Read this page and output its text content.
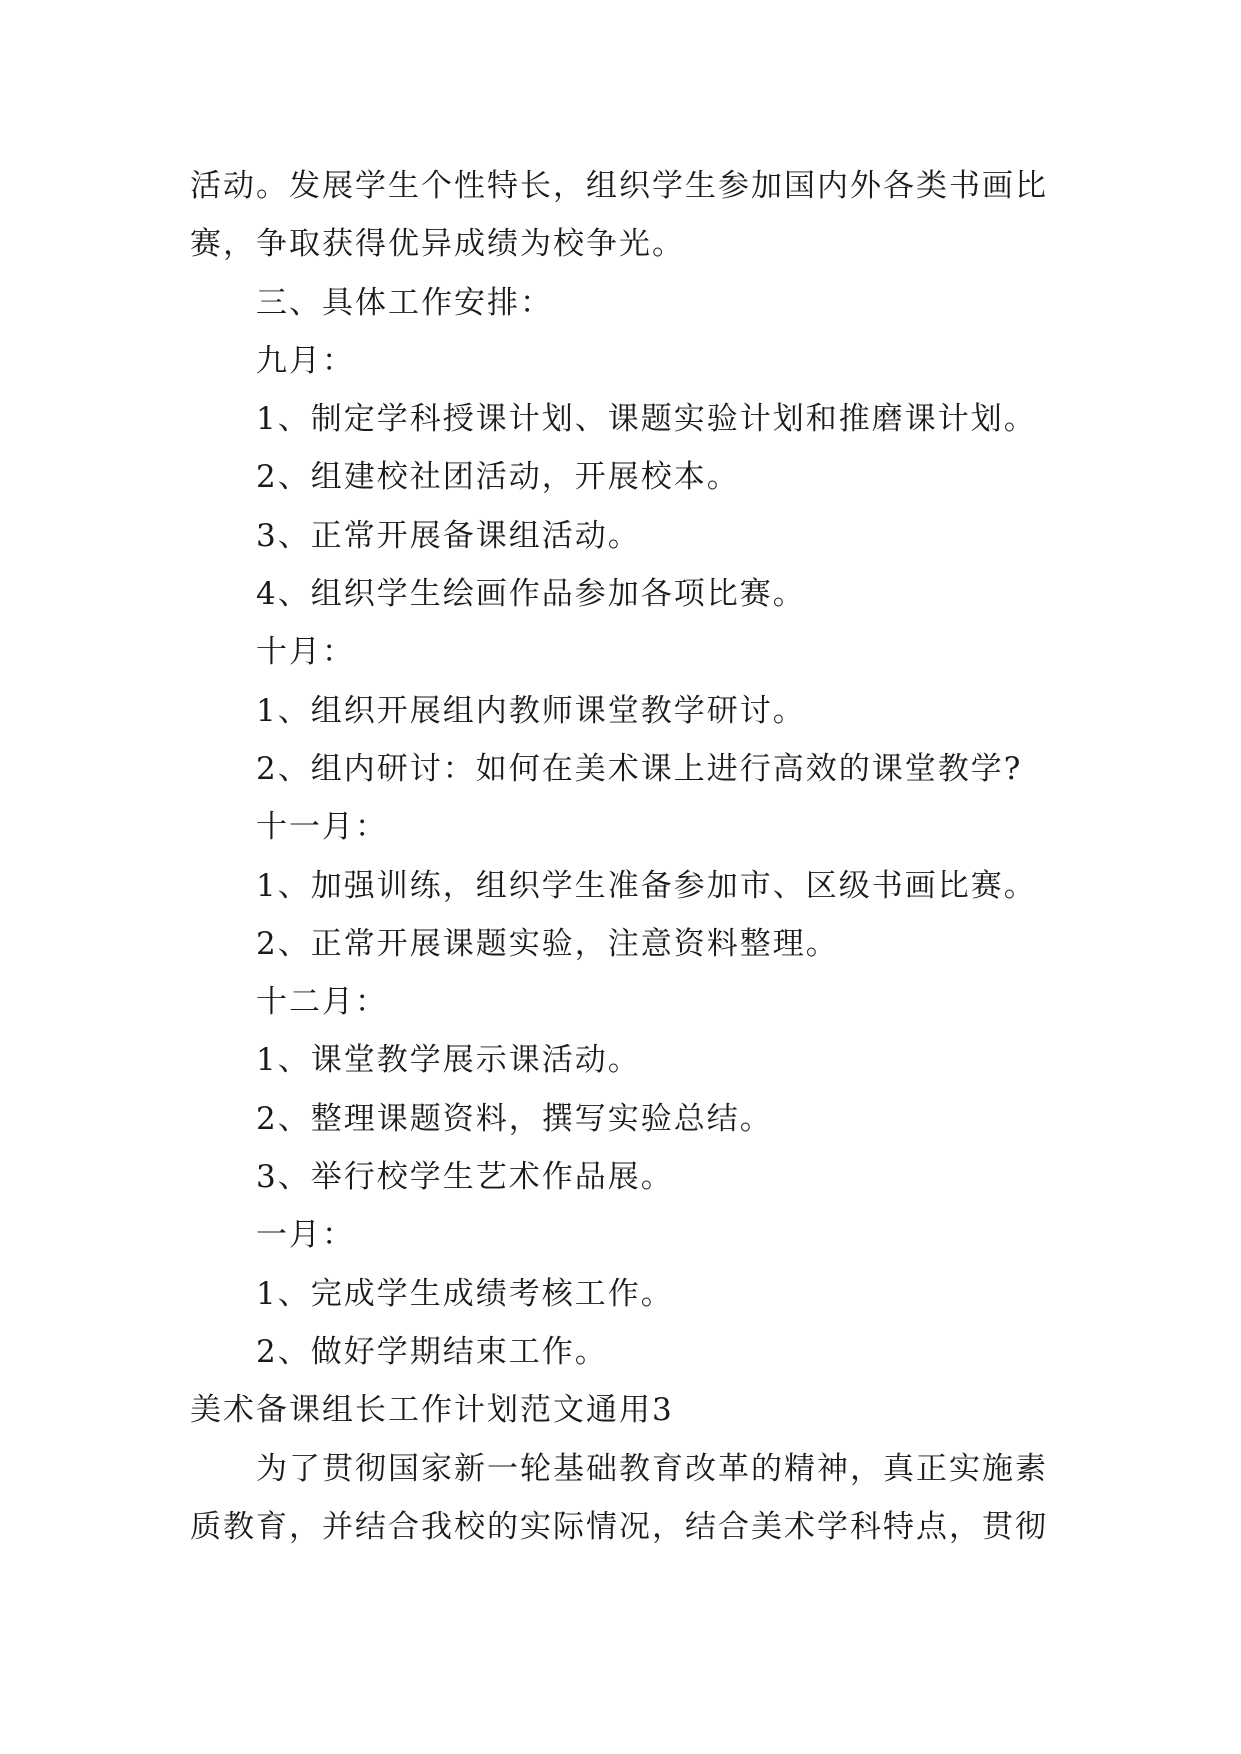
活动。发展学生个性特长，组织学生参加国内外各类书画比
赛，争取获得优异成绩为校争光。
三、具体工作安排：
九月：
1、制定学科授课计划、课题实验计划和推磨课计划。
2、组建校社团活动，开展校本。
3、正常开展备课组活动。
4、组织学生绘画作品参加各项比赛。
十月：
1、组织开展组内教师课堂教学研讨。
2、组内研讨：如何在美术课上进行高效的课堂教学?
十一月：
1、加强训练，组织学生准备参加市、区级书画比赛。
2、正常开展课题实验，注意资料整理。
十二月：
1、课堂教学展示课活动。
2、整理课题资料，撰写实验总结。
3、举行校学生艺术作品展。
一月：
1、完成学生成绩考核工作。
2、做好学期结束工作。
美术备课组长工作计划范文通用3
为了贯彻国家新一轮基础教育改革的精神，真正实施素
质教育，并结合我校的实际情况，结合美术学科特点，贯彻
